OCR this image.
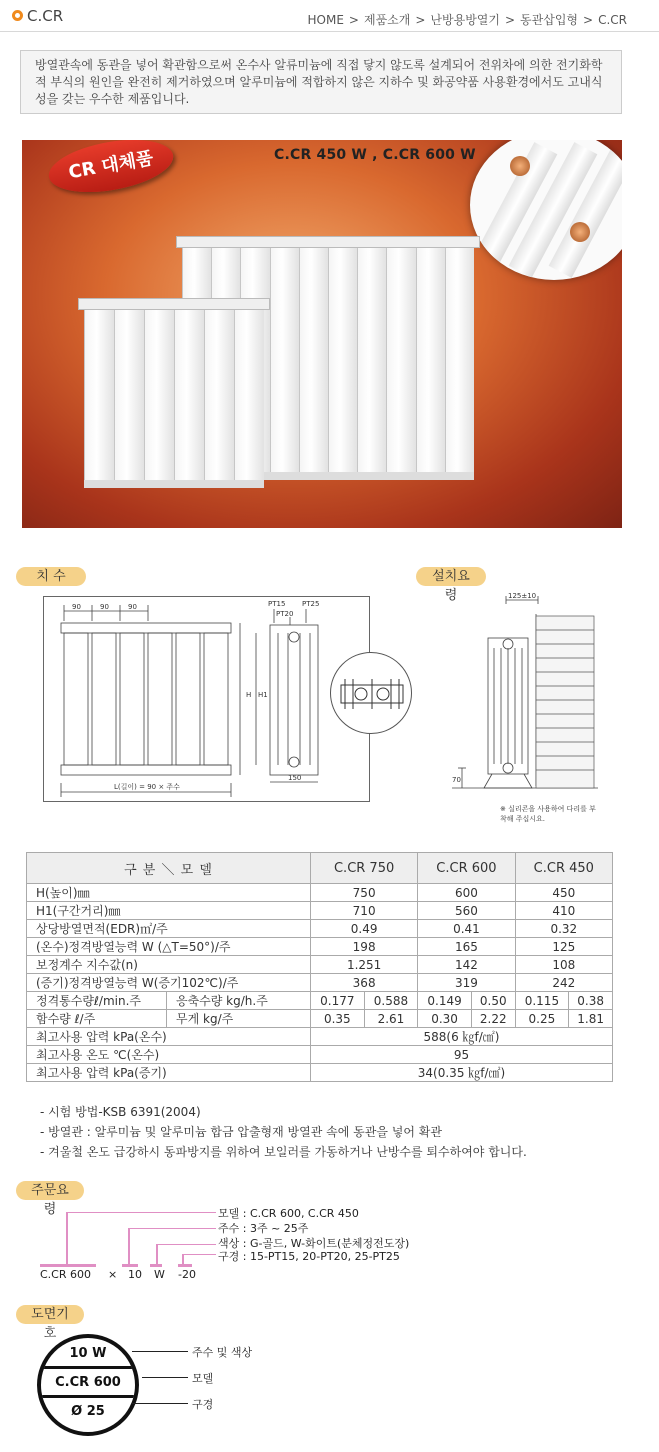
C.CR	HOME > 제품소개 > 난방용방열기 > 동관삽입형 > C.CR
방열관속에 동관을 넣어 확관함으로써 온수사 알류미늄에 직접 닿지 않도록 설계되어 전위차에 의한 전기화학적 부식의 원인을 완전히 제거하였으며 알루미늄에 적합하지 않은 지하수 및 화공약품 사용환경에서도 고내식성을 갖는 우수한 제품입니다.
CR 대체품	C.CR 450 W , C.CR 600 W
치 수	설치요령
90	90	90	PT15 PT25
PT20
H H1
150
L(길이) = 90 × 주수
125±10
70
※ 실리콘을 사용하여 다리를 부착해 주십시요.
구 분 ＼ 모 델		C.CR 750		C.CR 600		C.CR 450	
H(높이)㎜		750		600		450	
H1(구간거리)㎜		710		560		410	
상당방열면적(EDR)㎡/주		0.49		0.41		0.32	
(온수)정격방열능력 W (△T=50°)/주		198		165		125	
보정계수 지수값(n)		1.251		142		108	
(증기)정격방열능력 W(증기102℃)/주		368		319		242	
정격통수량ℓ/min.주	응축수량 kg/h.주	0.177	0.588	0.149	0.50	0.115	0.38
함수량 ℓ/주	무게 kg/주	0.35	2.61	0.30	2.22	0.25	1.81
최고사용 압력 kPa(온수)		588(6 ㎏f/㎠)					
최고사용 온도 ℃(온수)		95					
최고사용 압력 kPa(증기)		34(0.35 ㎏f/㎠)					
- 시험 방법-KSB 6391(2004)
- 방열관 : 알루미늄 및 알루미늄 합금 압출형재 방열관 속에 동관을 넣어 확관
- 겨울철 온도 급강하시 동파방지를 위하여 보일러를 가동하거나 난방수를 퇴수하여야 합니다.
주문요령	모델 : C.CR 600, C.CR 450
주수 : 3주 ~ 25주
색상 : G-골드, W-화이트(분체정전도장)
구경 : 15-PT15, 20-PT20, 25-PT25
C.CR 600 × 10 W -20
도면기호
10 W
C.CR 600
Ø 25
주수 및 색상
모델
구경
